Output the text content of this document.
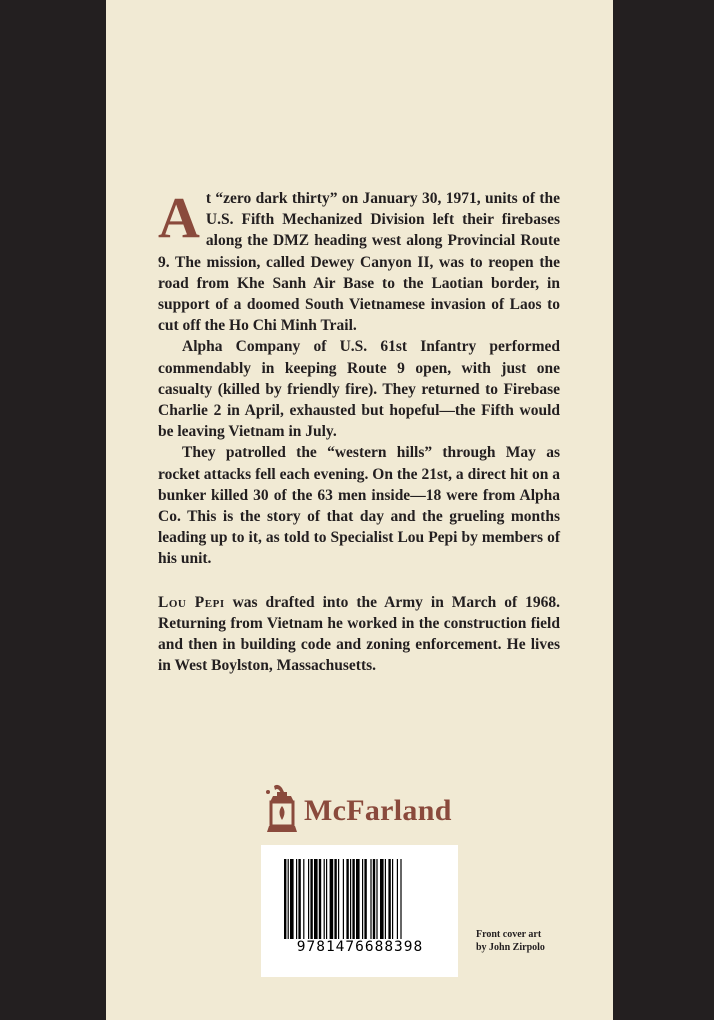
At “zero dark thirty” on January 30, 1971, units of the U.S. Fifth Mechanized Division left their firebases along the DMZ heading west along Provincial Route 9. The mission, called Dewey Canyon II, was to reopen the road from Khe Sanh Air Base to the Laotian border, in support of a doomed South Vietnamese invasion of Laos to cut off the Ho Chi Minh Trail.

Alpha Company of U.S. 61st Infantry performed commendably in keeping Route 9 open, with just one casualty (killed by friendly fire). They returned to Firebase Charlie 2 in April, exhausted but hopeful—the Fifth would be leaving Vietnam in July.

They patrolled the “western hills” through May as rocket attacks fell each evening. On the 21st, a direct hit on a bunker killed 30 of the 63 men inside—18 were from Alpha Co. This is the story of that day and the grueling months leading up to it, as told to Specialist Lou Pepi by members of his unit.

Lou Pepi was drafted into the Army in March of 1968. Returning from Vietnam he worked in the construction field and then in building code and zoning enforcement. He lives in West Boylston, Massachusetts.

McFarland
9781476688398
Front cover art
by John Zirpolo
